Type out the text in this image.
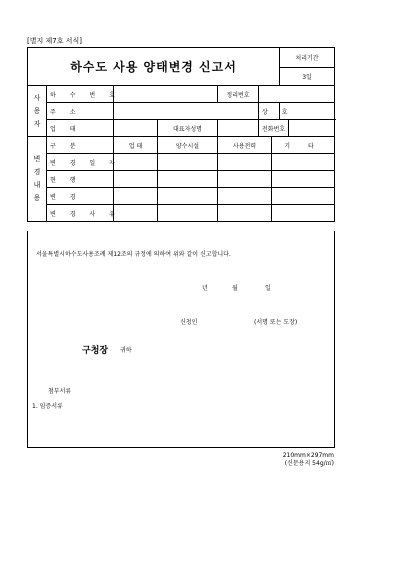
[별지 제7호 서식]
하수도 사용 양태변경 신고서							처리기간	
							3일	
사
용
자	하 수 번 호			정리번호				
	주 소				상 호			
	업 태		대표자성명		전화번호			
변
경
내
용	구 분	업 태	양수시설	사용전력		기 타		
	변 경 일 자							
	현 행							
	변 경							
	변 경 사 유							
서울특별시하수도사용조례 제12조의 규정에 의하여 위와 같이 신고합니다.
년	월	일
신청인	(서명 또는 도장)
구청장 귀하
첨부서류
1. 임증서류
210mm×297mm
(신문용지 54g/㎡)
